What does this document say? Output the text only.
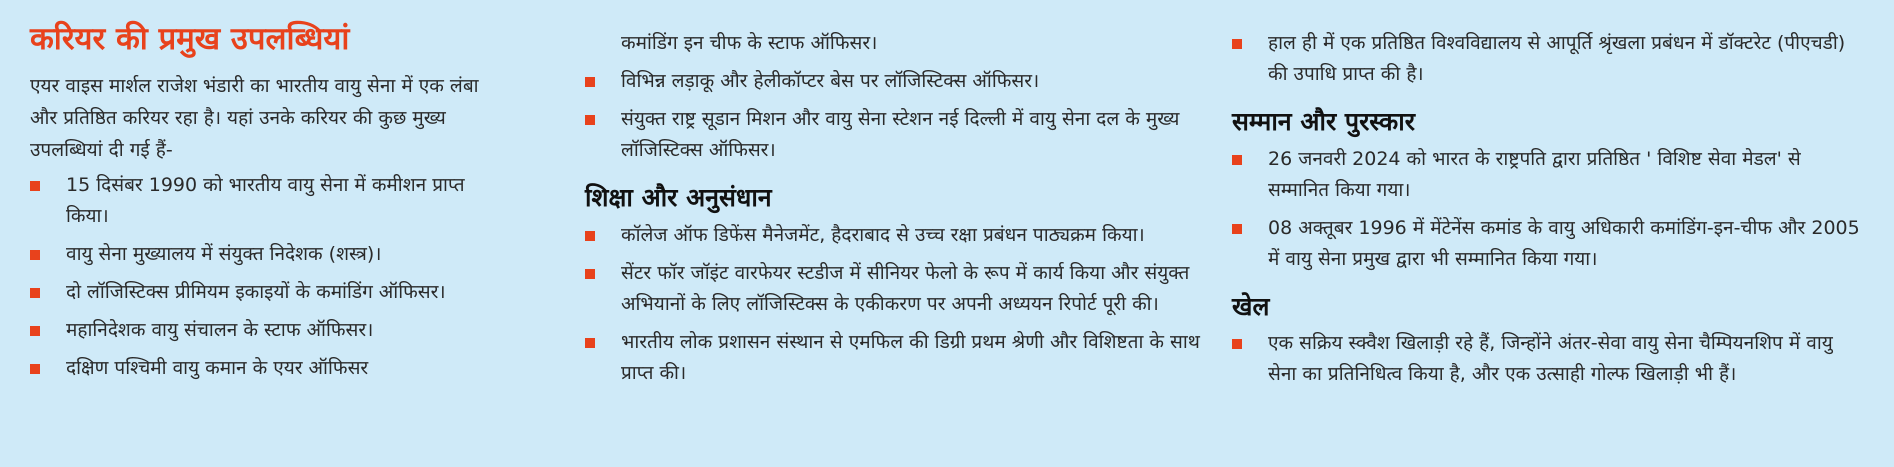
करियर की प्रमुख उपलब्धियां

एयर वाइस मार्शल राजेश भंडारी का भारतीय वायु सेना में एक लंबा और प्रतिष्ठित करियर रहा है। यहां उनके करियर की कुछ मुख्य उपलब्धियां दी गई हैं-

15 दिसंबर 1990 को भारतीय वायु सेना में कमीशन प्राप्त किया।
वायु सेना मुख्यालय में संयुक्त निदेशक (शस्त्र)।
दो लॉजिस्टिक्स प्रीमियम इकाइयों के कमांडिंग ऑफिसर।
महानिदेशक वायु संचालन के स्टाफ ऑफिसर।
दक्षिण पश्चिमी वायु कमान के एयर ऑफिसर

कमांडिंग इन चीफ के स्टाफ ऑफिसर।

विभिन्न लड़ाकू और हेलीकॉप्टर बेस पर लॉजिस्टिक्स ऑफिसर।
संयुक्त राष्ट्र सूडान मिशन और वायु सेना स्टेशन नई दिल्ली में वायु सेना दल के मुख्य लॉजिस्टिक्स ऑफिसर।
शिक्षा और अनुसंधान
कॉलेज ऑफ डिफेंस मैनेजमेंट, हैदराबाद से उच्च रक्षा प्रबंधन पाठ्यक्रम किया।
सेंटर फॉर जॉइंट वारफेयर स्टडीज में सीनियर फेलो के रूप में कार्य किया और संयुक्त अभियानों के लिए लॉजिस्टिक्स के एकीकरण पर अपनी अध्ययन रिपोर्ट पूरी की।
भारतीय लोक प्रशासन संस्थान से एमफिल की डिग्री प्रथम श्रेणी और विशिष्टता के साथ प्राप्त की।
हाल ही में एक प्रतिष्ठित विश्वविद्यालय से आपूर्ति श्रृंखला प्रबंधन में डॉक्टरेट (पीएचडी) की उपाधि प्राप्त की है।
सम्मान और पुरस्कार
26 जनवरी 2024 को भारत के राष्ट्रपति द्वारा प्रतिष्ठित ' विशिष्ट सेवा मेडल' से सम्मानित किया गया।
08 अक्तूबर 1996 में मेंटेनेंस कमांड के वायु अधिकारी कमांडिंग-इन-चीफ और 2005 में वायु सेना प्रमुख द्वारा भी सम्मानित किया गया।
खेल
एक सक्रिय स्क्वैश खिलाड़ी रहे हैं, जिन्होंने अंतर-सेवा वायु सेना चैम्पियनशिप में वायु सेना का प्रतिनिधित्व किया है, और एक उत्साही गोल्फ खिलाड़ी भी हैं।
